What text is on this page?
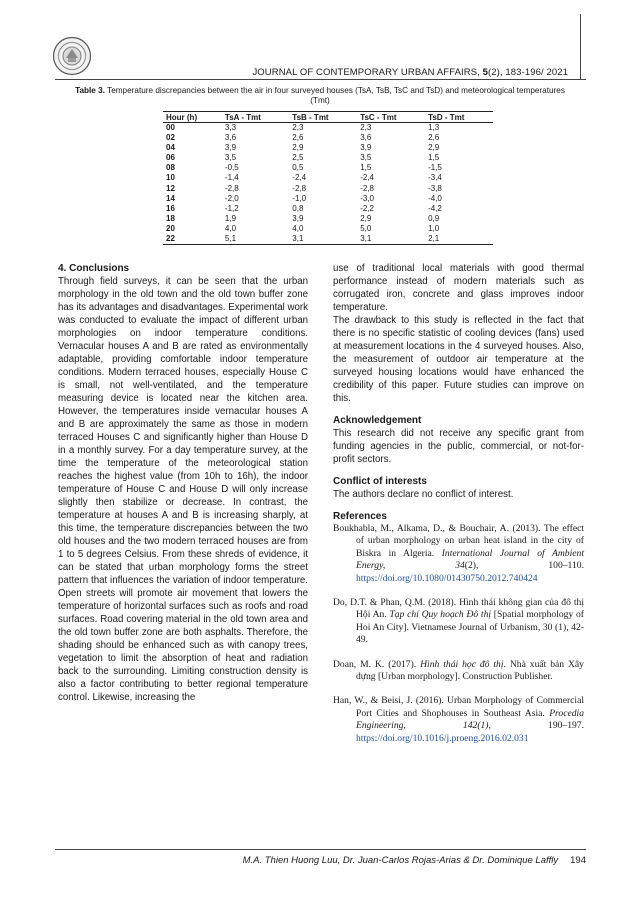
JOURNAL OF CONTEMPORARY URBAN AFFAIRS, 5(2), 183-196/ 2021
Table 3. Temperature discrepancies between the air in four surveyed houses (TsA, TsB, TsC and TsD) and meteorological temperatures (Tmt)
Hour (h)	TsA - Tmt	TsB - Tmt	TsC - Tmt	TsD - Tmt
00	3,3	2,3	2,3	1,3
02	3,6	2,6	3,6	2,6
04	3,9	2,9	3,9	2,9
06	3,5	2,5	3,5	1,5
08	-0,5	0,5	1,5	-1,5
10	-1,4	-2,4	-2,4	-3,4
12	-2,8	-2,8	-2,8	-3,8
14	-2,0	-1,0	-3,0	-4,0
16	-1,2	0,8	-2,2	-4,2
18	1,9	3,9	2,9	0,9
20	4,0	4,0	5,0	1,0
22	5,1	3,1	3,1	2,1
4. Conclusions
Through field surveys, it can be seen that the urban morphology in the old town and the old town buffer zone has its advantages and disadvantages. Experimental work was conducted to evaluate the impact of different urban morphologies on indoor temperature conditions. Vernacular houses A and B are rated as environmentally adaptable, providing comfortable indoor temperature conditions. Modern terraced houses, especially House C is small, not well-ventilated, and the temperature measuring device is located near the kitchen area. However, the temperatures inside vernacular houses A and B are approximately the same as those in modern terraced Houses C and significantly higher than House D in a monthly survey. For a day temperature survey, at the time the temperature of the meteorological station reaches the highest value (from 10h to 16h), the indoor temperature of House C and House D will only increase slightly then stabilize or decrease. In contrast, the temperature at houses A and B is increasing sharply, at this time, the temperature discrepancies between the two old houses and the two modern terraced houses are from 1 to 5 degrees Celsius. From these shreds of evidence, it can be stated that urban morphology forms the street pattern that influences the variation of indoor temperature. Open streets will promote air movement that lowers the temperature of horizontal surfaces such as roofs and road surfaces. Road covering material in the old town area and the old town buffer zone are both asphalts. Therefore, the shading should be enhanced such as with canopy trees, vegetation to limit the absorption of heat and radiation back to the surrounding. Limiting construction density is also a factor contributing to better regional temperature control. Likewise, increasing the
use of traditional local materials with good thermal performance instead of modern materials such as corrugated iron, concrete and glass improves indoor temperature.
The drawback to this study is reflected in the fact that there is no specific statistic of cooling devices (fans) used at measurement locations in the 4 surveyed houses. Also, the measurement of outdoor air temperature at the surveyed housing locations would have enhanced the credibility of this paper. Future studies can improve on this.
Acknowledgement
This research did not receive any specific grant from funding agencies in the public, commercial, or not-for-profit sectors.
Conflict of interests
The authors declare no conflict of interest.
References
Boukhabla, M., Alkama, D., & Bouchair, A. (2013). The effect of urban morphology on urban heat island in the city of Biskra in Algeria. International Journal of Ambient Energy, 34(2), 100–110. https://doi.org/10.1080/01430750.2012.740424
Do, D.T. & Phan, Q.M. (2018). Hình thái không gian của đô thị Hội An. Tạp chí Quy hoạch Đô thị [Spatial morphology of Hoi An City]. Vietnamese Journal of Urbanism, 30 (1), 42-49.
Doan, M. K. (2017). Hình thái học đô thị. Nhà xuất bản Xây dựng [Urban morphology]. Construction Publisher.
Han, W., & Beisi, J. (2016). Urban Morphology of Commercial Port Cities and Shophouses in Southeast Asia. Procedia Engineering, 142(1), 190–197. https://doi.org/10.1016/j.proeng.2016.02.031
M.A. Thien Huong Luu, Dr. Juan-Carlos Rojas-Arias & Dr. Dominique Laffly 194
